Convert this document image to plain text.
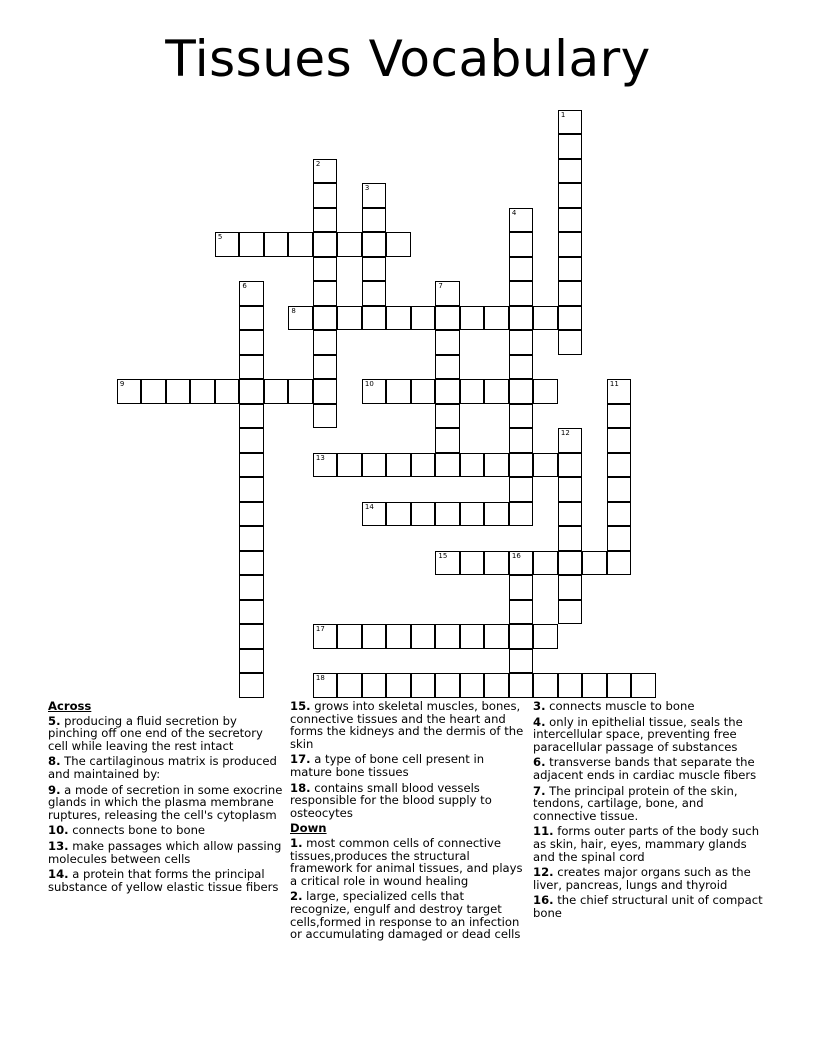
Tissues Vocabulary
1
2
3
4
5
6	7
8
9	10	11
12
13
14
15	16
17
18
Across
5. producing a fluid secretion by pinching off one end of the secretory cell while leaving the rest intact
8. The cartilaginous matrix is produced and maintained by:
9. a mode of secretion in some exocrine glands in which the plasma membrane ruptures, releasing the cell's cytoplasm
10. connects bone to bone
13. make passages which allow passing molecules between cells
14. a protein that forms the principal substance of yellow elastic tissue fibers
15. grows into skeletal muscles, bones, connective tissues and the heart and forms the kidneys and the dermis of the skin
17. a type of bone cell present in mature bone tissues
18. contains small blood vessels responsible for the blood supply to osteocytes
Down
1. most common cells of connective tissues,produces the structural framework for animal tissues, and plays a critical role in wound healing
2. large, specialized cells that recognize, engulf and destroy target cells,formed in response to an infection or accumulating damaged or dead cells
3. connects muscle to bone
4. only in epithelial tissue, seals the intercellular space, preventing free paracellular passage of substances
6. transverse bands that separate the adjacent ends in cardiac muscle fibers
7. The principal protein of the skin, tendons, cartilage, bone, and connective tissue.
11. forms outer parts of the body such as skin, hair, eyes, mammary glands and the spinal cord
12. creates major organs such as the liver, pancreas, lungs and thyroid
16. the chief structural unit of compact bone
